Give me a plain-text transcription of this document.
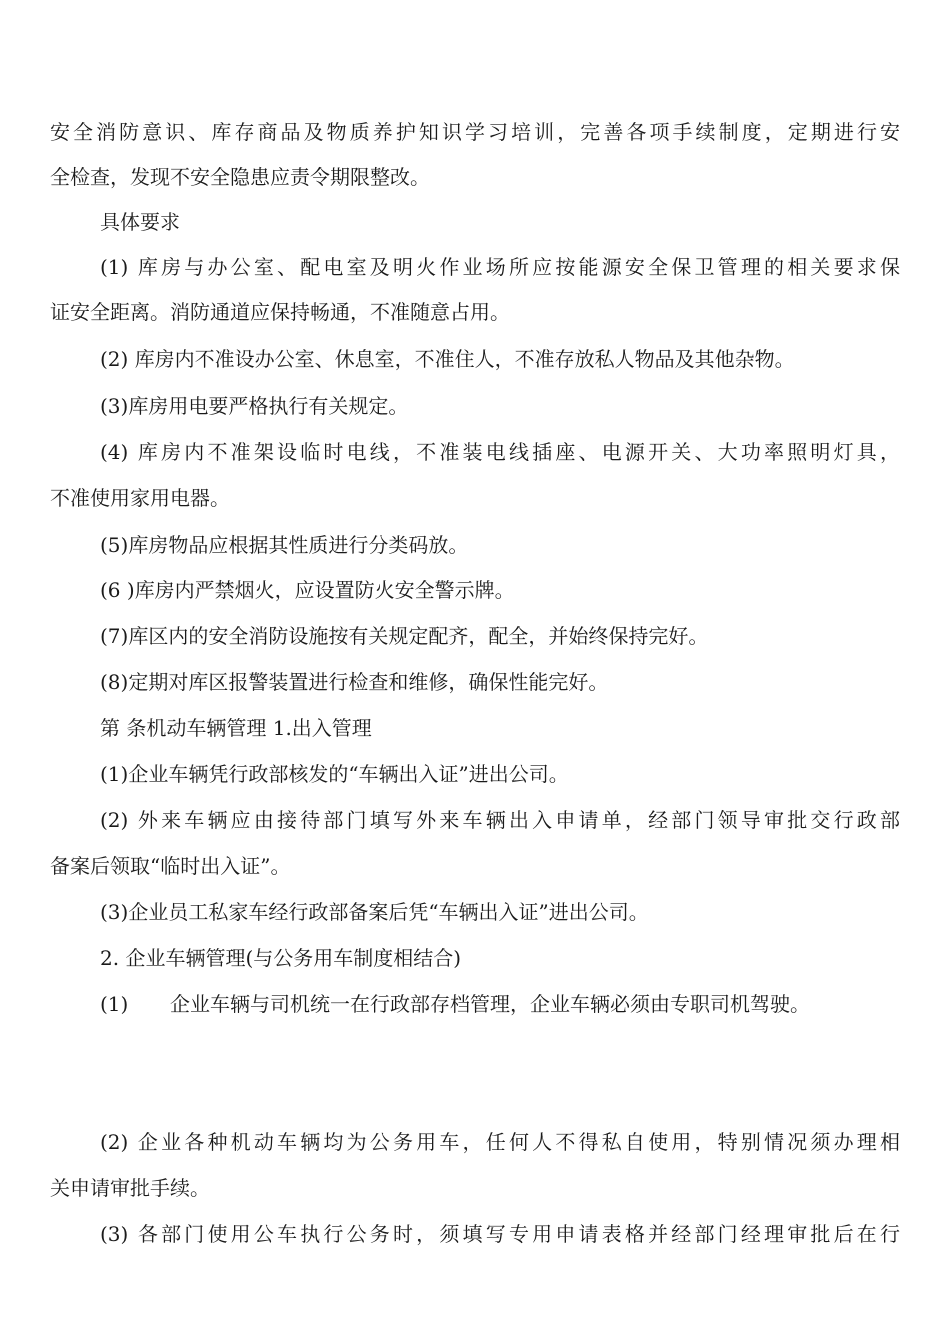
安全消防意识、库存商品及物质养护知识学习培训，完善各项手续制度，定期进行安
全检查，发现不安全隐患应责令期限整改。
具体要求
(1) 库房与办公室、配电室及明火作业场所应按能源安全保卫管理的相关要求保
证安全距离。消防通道应保持畅通，不准随意占用。
(2) 库房内不准设办公室、休息室，不准住人，不准存放私人物品及其他杂物。
(3)库房用电要严格执行有关规定。
(4) 库房内不准架设临时电线，不准装电线插座、电源开关、大功率照明灯具，
不准使用家用电器。
(5)库房物品应根据其性质进行分类码放。
(6 )库房内严禁烟火，应设置防火安全警示牌。
(7)库区内的安全消防设施按有关规定配齐，配全，并始终保持完好。
(8)定期对库区报警装置进行检查和维修，确保性能完好。
第 条机动车辆管理 1.出入管理
(1)企业车辆凭行政部核发的“车辆出入证”进出公司。
(2) 外来车辆应由接待部门填写外来车辆出入申请单，经部门领导审批交行政部
备案后领取“临时出入证”。
(3)企业员工私家车经行政部备案后凭“车辆出入证”进出公司。
2. 企业车辆管理(与公务用车制度相结合)
(1) 企业车辆与司机统一在行政部存档管理，企业车辆必须由专职司机驾驶。
(2) 企业各种机动车辆均为公务用车，任何人不得私自使用，特别情况须办理相
关申请审批手续。
(3) 各部门使用公车执行公务时，须填写专用申请表格并经部门经理审批后在行
